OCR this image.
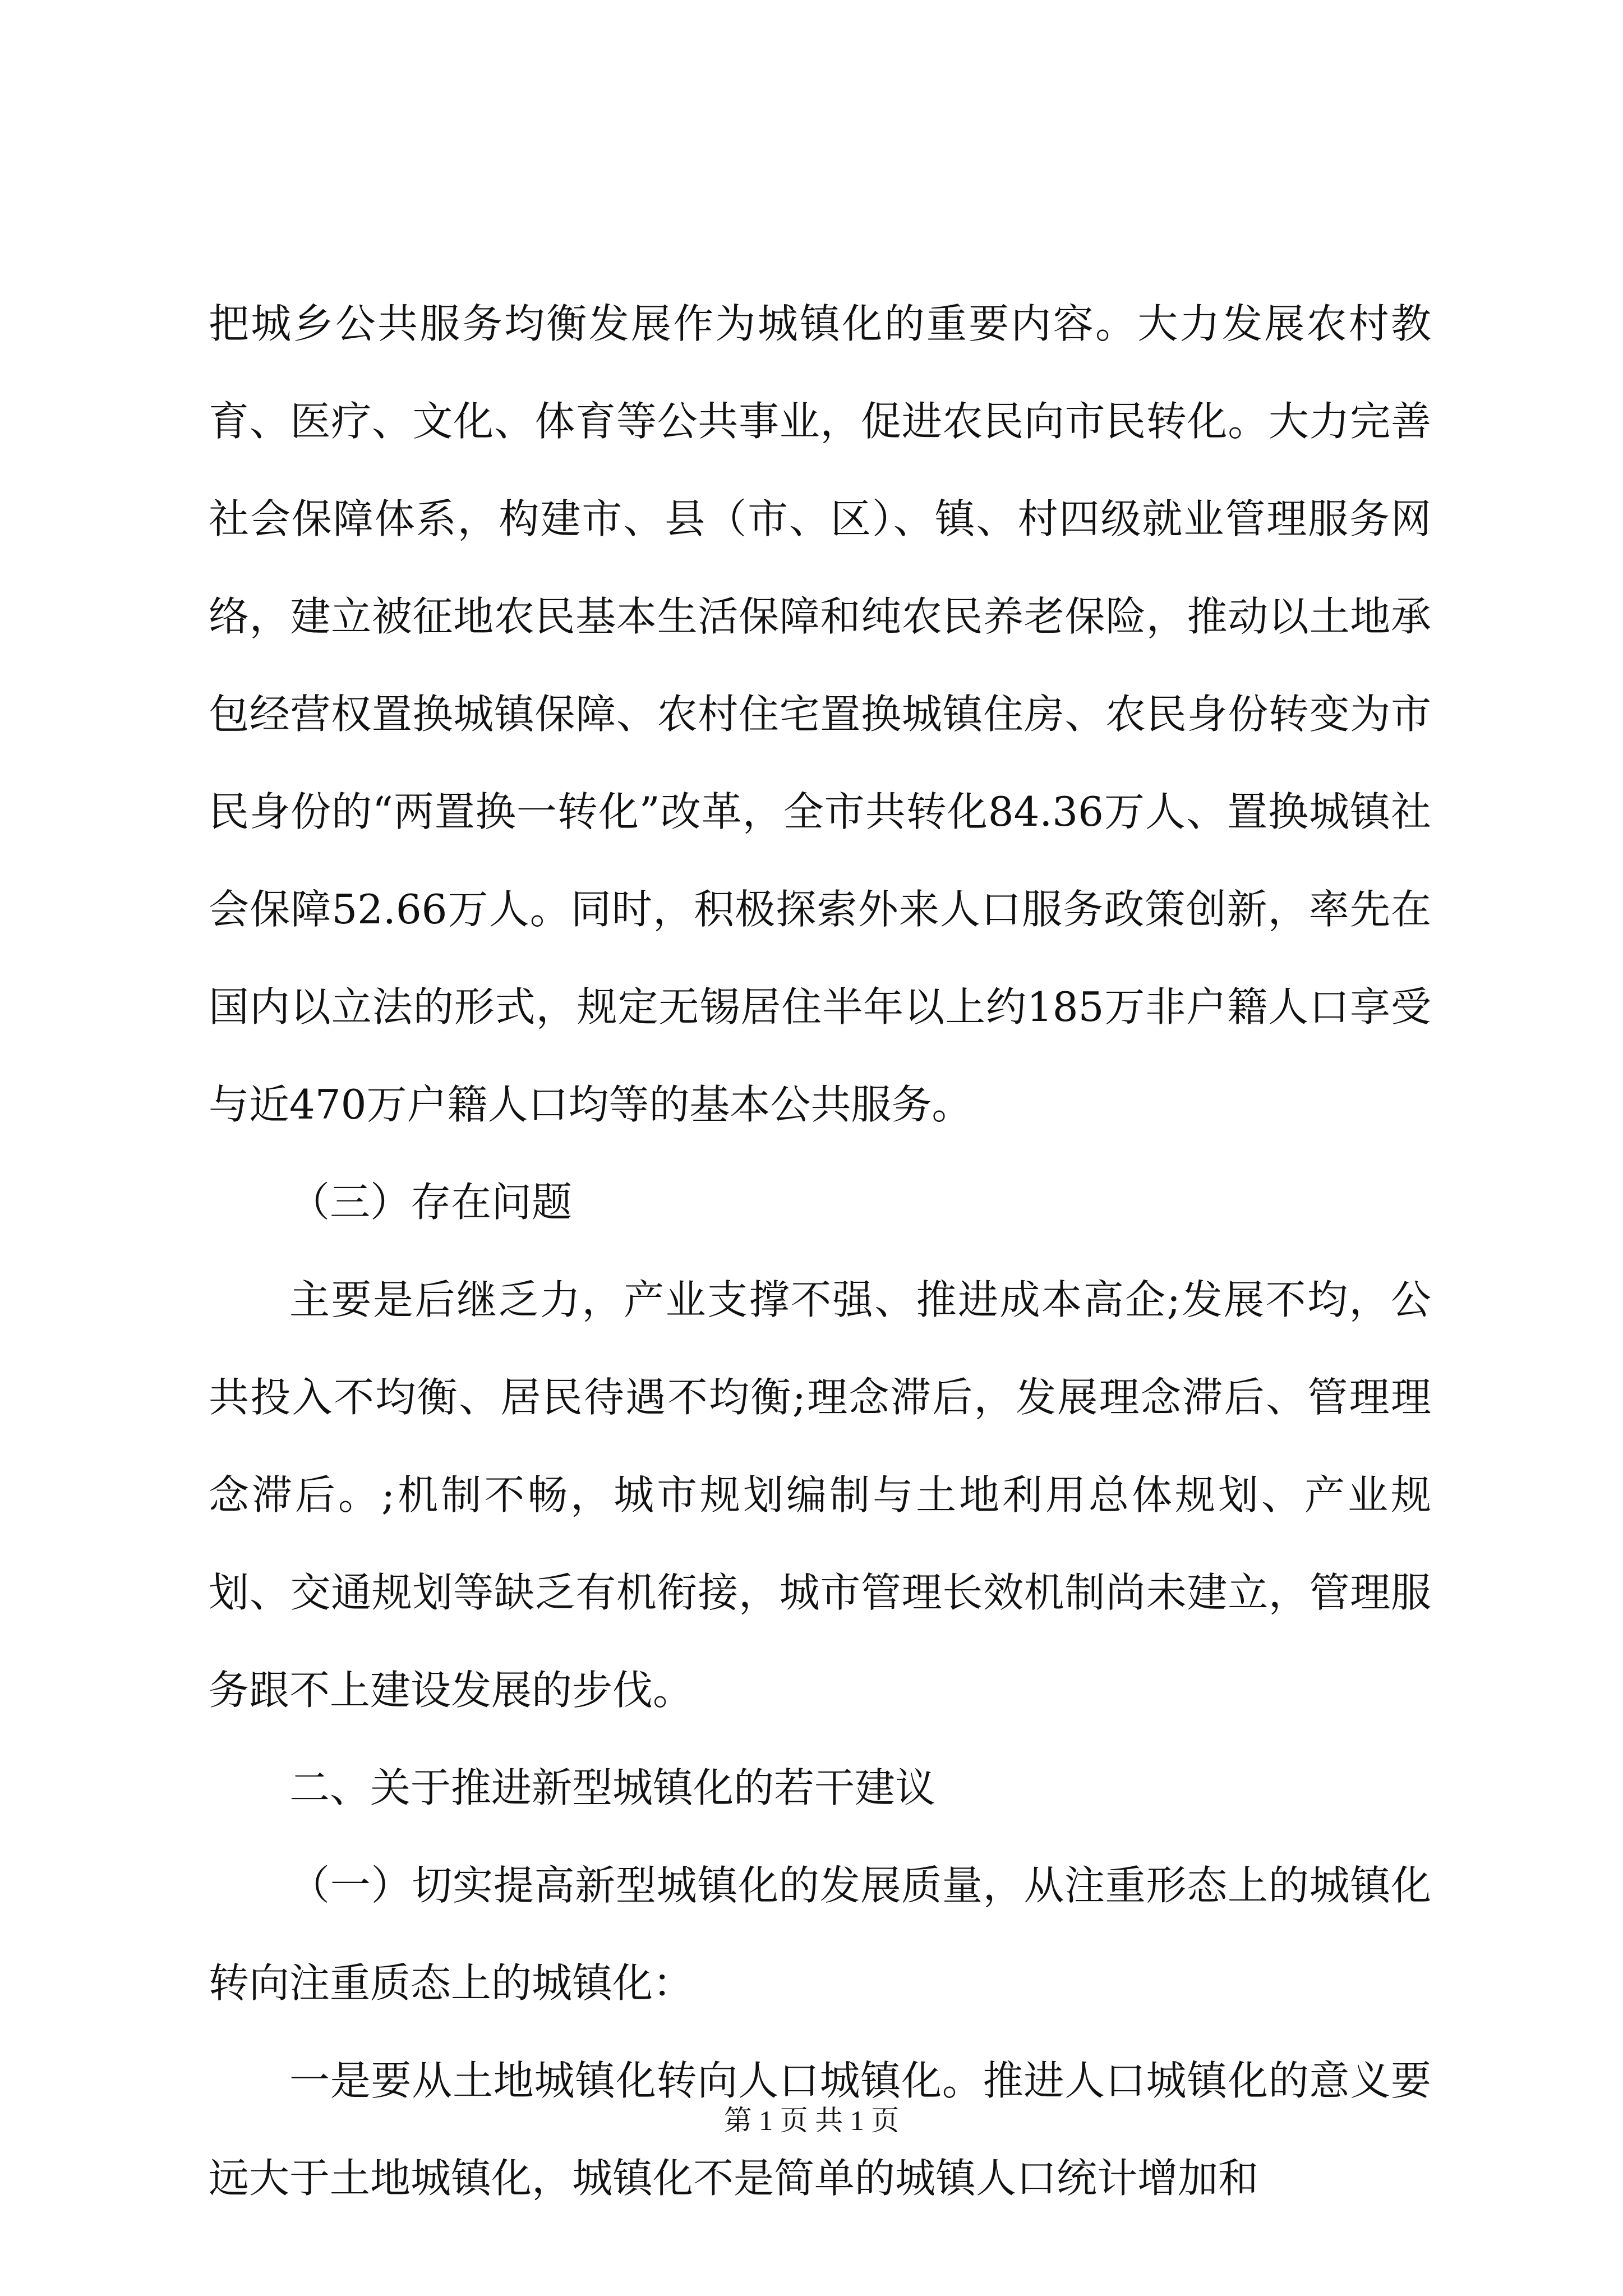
把城乡公共服务均衡发展作为城镇化的重要内容。大力发展农村教育、医疗、文化、体育等公共事业，促进农民向市民转化。大力完善社会保障体系，构建市、县（市、区）、镇、村四级就业管理服务网络，建立被征地农民基本生活保障和纯农民养老保险，推动以土地承包经营权置换城镇保障、农村住宅置换城镇住房、农民身份转变为市民身份的“两置换一转化”改革，全市共转化84.36万人、置换城镇社会保障52.66万人。同时，积极探索外来人口服务政策创新，率先在国内以立法的形式，规定无锡居住半年以上约185万非户籍人口享受与近470万户籍人口均等的基本公共服务。

（三）存在问题

主要是后继乏力，产业支撑不强、推进成本高企;发展不均，公共投入不均衡、居民待遇不均衡;理念滞后，发展理念滞后、管理理念滞后。;机制不畅，城市规划编制与土地利用总体规划、产业规划、交通规划等缺乏有机衔接，城市管理长效机制尚未建立，管理服务跟不上建设发展的步伐。

二、关于推进新型城镇化的若干建议

（一）切实提高新型城镇化的发展质量，从注重形态上的城镇化转向注重质态上的城镇化：

一是要从土地城镇化转向人口城镇化。推进人口城镇化的意义要远大于土地城镇化，城镇化不是简单的城镇人口统计增加和

第 1 页 共 1 页
